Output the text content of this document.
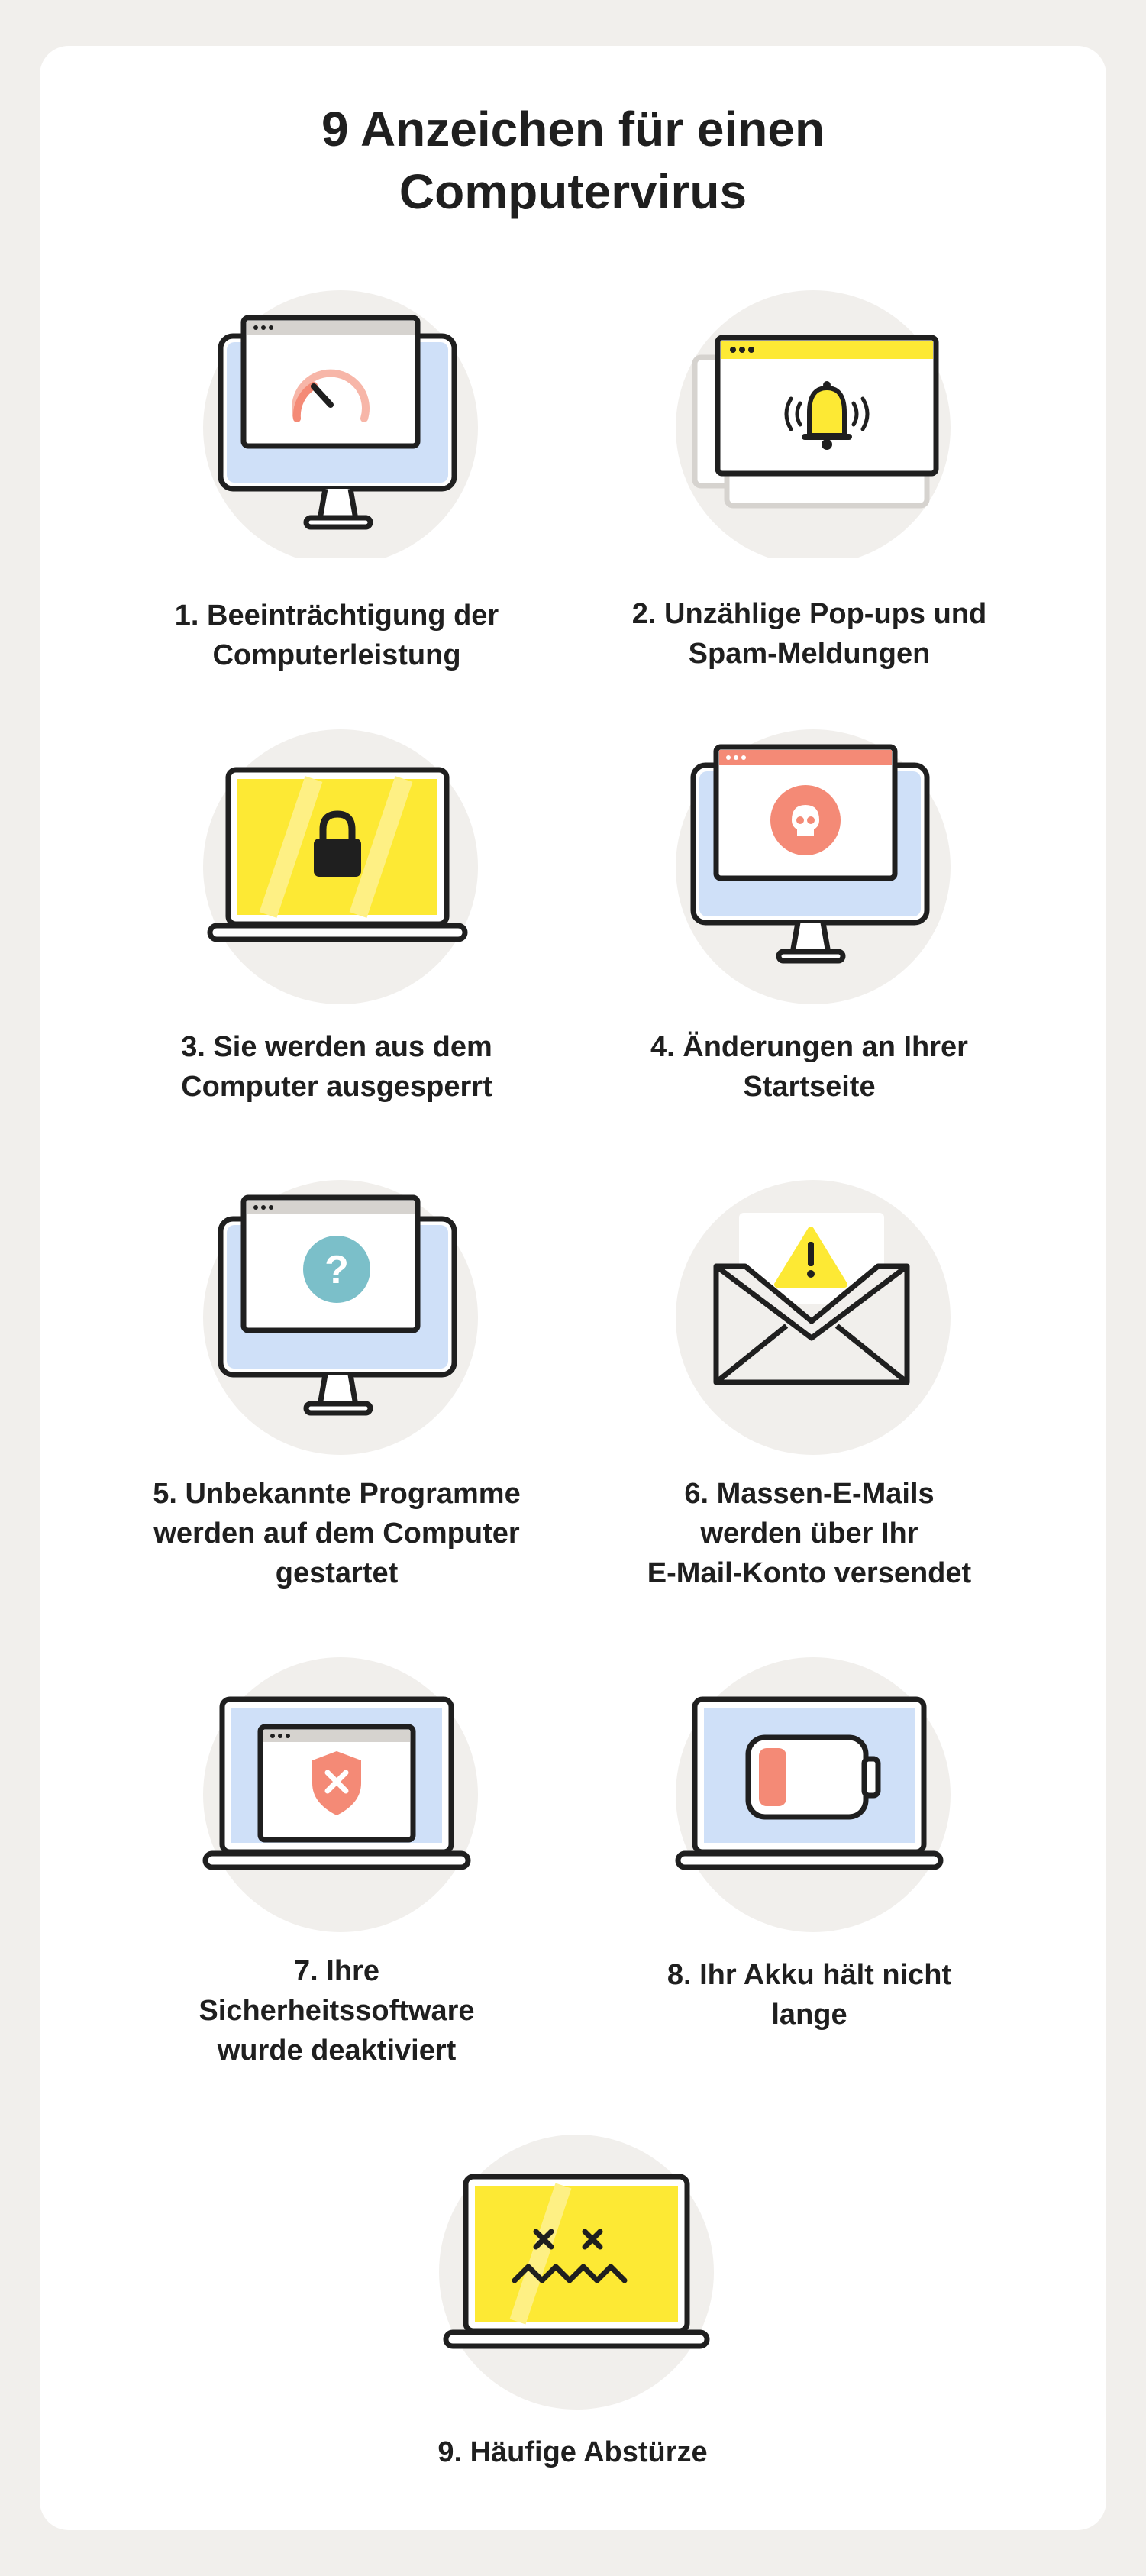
9 Anzeichen für einen
Computervirus
1. Beeinträchtigung der
Computerleistung
2. Unzählige Pop-ups und
Spam-Meldungen
3. Sie werden aus dem
Computer ausgesperrt
4. Änderungen an Ihrer
Startseite
?
5. Unbekannte Programme
werden auf dem Computer
gestartet
6. Massen-E-Mails
werden über Ihr
E-Mail-Konto versendet
7. Ihre
Sicherheitssoftware
wurde deaktiviert
8. Ihr Akku hält nicht
lange
9. Häufige Abstürze
